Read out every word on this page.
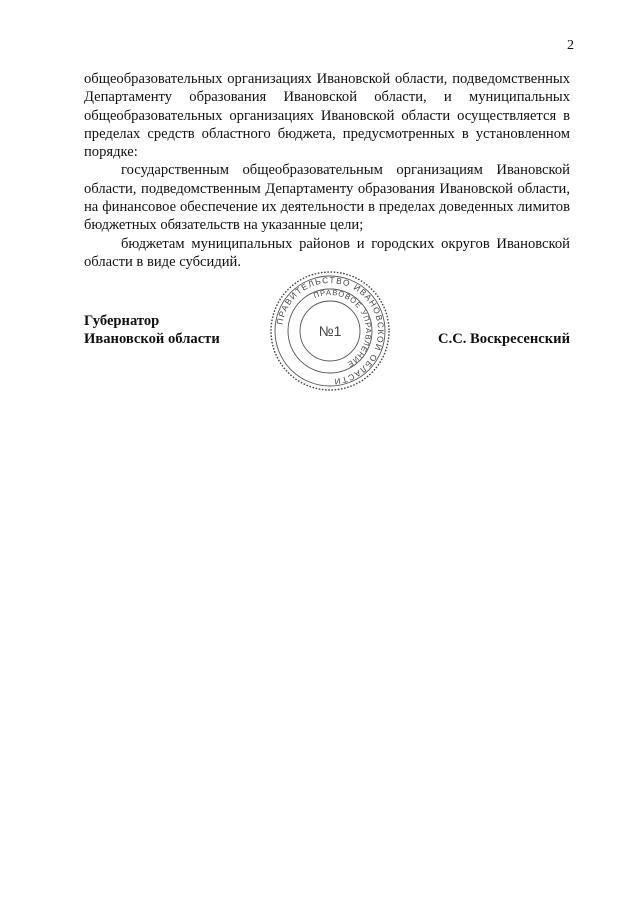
2

общеобразовательных организациях Ивановской области, подведомственных Департаменту образования Ивановской области, и муниципальных общеобразовательных организациях Ивановской области осуществляется в пределах средств областного бюджета, предусмотренных в установленном порядке:

государственным общеобразовательным организациям Ивановской области, подведомственным Департаменту образования Ивановской области, на финансовое обеспечение их деятельности в пределах доведенных лимитов бюджетных обязательств на указанные цели;

бюджетам муниципальных районов и городских округов Ивановской области в виде субсидий.

Губернатор
Ивановской области	С.С. Воскресенский
ПРАВИТЕЛЬСТВО ИВАНОВСКОЙ ОБЛАСТИ
ПРАВОВОЕ УПРАВЛЕНИЕ
№1
